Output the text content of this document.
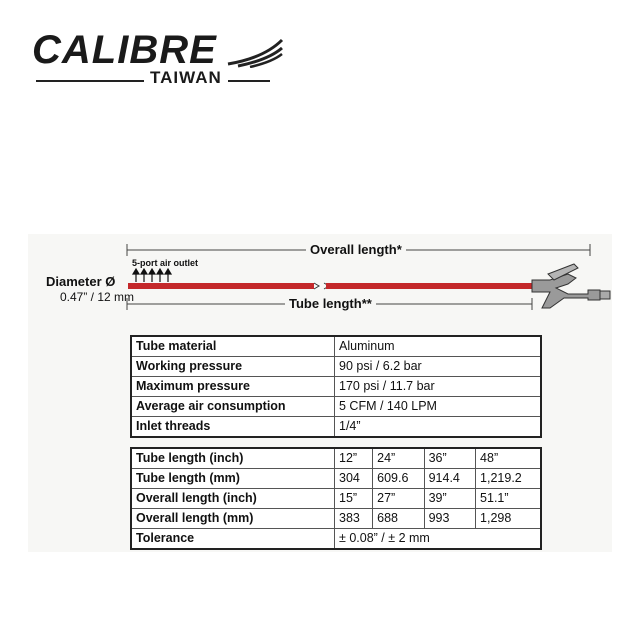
CALIBRE
TAIWAN
Overall length*
5-port air outlet
Diameter Ø
0.47” / 12 mm	Tube length**
Tube material	Aluminum
Working pressure	90 psi / 6.2 bar
Maximum pressure	170 psi / 11.7 bar
Average air consumption	5 CFM / 140 LPM
Inlet threads	1/4”
Tube length (inch)	12”	24”	36”	48”
Tube length (mm)	304	609.6	914.4	1,219.2
Overall length (inch)	15”	27”	39”	51.1”
Overall length (mm)	383	688	993	1,298
Tolerance	± 0.08” / ± 2 mm			
